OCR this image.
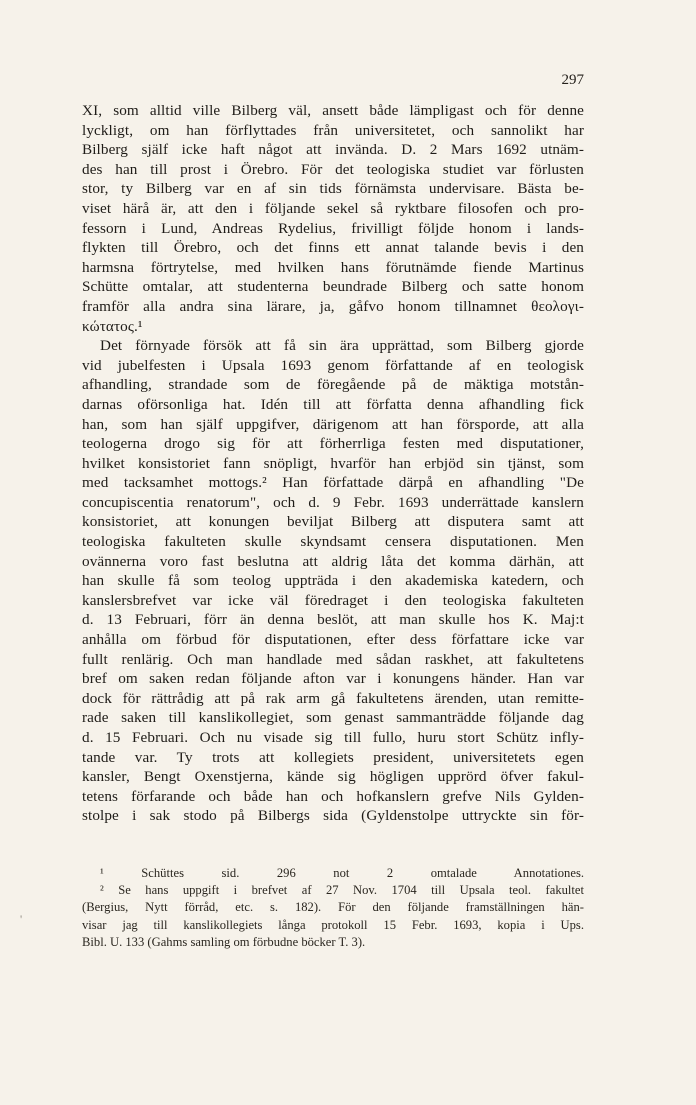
297
XI, som alltid ville Bilberg väl, ansett både lämpligast och för denne
lyckligt, om han förflyttades från universitetet, och sannolikt har
Bilberg själf icke haft något att invända. D. 2 Mars 1692 utnäm-
des han till prost i Örebro. För det teologiska studiet var förlusten
stor, ty Bilberg var en af sin tids förnämsta undervisare. Bästa be-
viset härå är, att den i följande sekel så ryktbare filosofen och pro-
fessorn i Lund, Andreas Rydelius, frivilligt följde honom i lands-
flykten till Örebro, och det finns ett annat talande bevis i den
harmsna förtrytelse, med hvilken hans förutnämde fiende Martinus
Schütte omtalar, att studenterna beundrade Bilberg och satte honom
framför alla andra sina lärare, ja, gåfvo honom tillnamnet θεολογι-
κώτατος.¹
Det förnyade försök att få sin ära upprättad, som Bilberg gjorde
vid jubelfesten i Upsala 1693 genom författande af en teologisk
afhandling, strandade som de föregående på de mäktiga motstån-
darnas oförsonliga hat. Idén till att författa denna afhandling fick
han, som han själf uppgifver, därigenom att han försporde, att alla
teologerna drogo sig för att förherrliga festen med disputationer,
hvilket konsistoriet fann snöpligt, hvarför han erbjöd sin tjänst, som
med tacksamhet mottogs.² Han författade därpå en afhandling "De
concupiscentia renatorum", och d. 9 Febr. 1693 underrättade kanslern
konsistoriet, att konungen beviljat Bilberg att disputera samt att
teologiska fakulteten skulle skyndsamt censera disputationen. Men
ovännerna voro fast beslutna att aldrig låta det komma därhän, att
han skulle få som teolog uppträda i den akademiska katedern, och
kanslersbrefvet var icke väl föredraget i den teologiska fakulteten
d. 13 Februari, förr än denna beslöt, att man skulle hos K. Maj:t
anhålla om förbud för disputationen, efter dess författare icke var
fullt renlärig. Och man handlade med sådan raskhet, att fakultetens
bref om saken redan följande afton var i konungens händer. Han var
dock för rättrådig att på rak arm gå fakultetens ärenden, utan remitte-
rade saken till kanslikollegiet, som genast sammanträdde följande dag
d. 15 Februari. Och nu visade sig till fullo, huru stort Schütz infly-
tande var. Ty trots att kollegiets president, universitetets egen
kansler, Bengt Oxenstjerna, kände sig högligen upprörd öfver fakul-
tetens förfarande och både han och hofkanslern grefve Nils Gylden-
stolpe i sak stodo på Bilbergs sida (Gyldenstolpe uttryckte sin för-
¹ Schüttes sid. 296 not 2 omtalade Annotationes.
² Se hans uppgift i brefvet af 27 Nov. 1704 till Upsala teol. fakultet
(Bergius, Nytt förråd, etc. s. 182). För den följande framställningen hän-
visar jag till kanslikollegiets långa protokoll 15 Febr. 1693, kopia i Ups.
Bibl. U. 133 (Gahms samling om förbudne böcker T. 3).
'
